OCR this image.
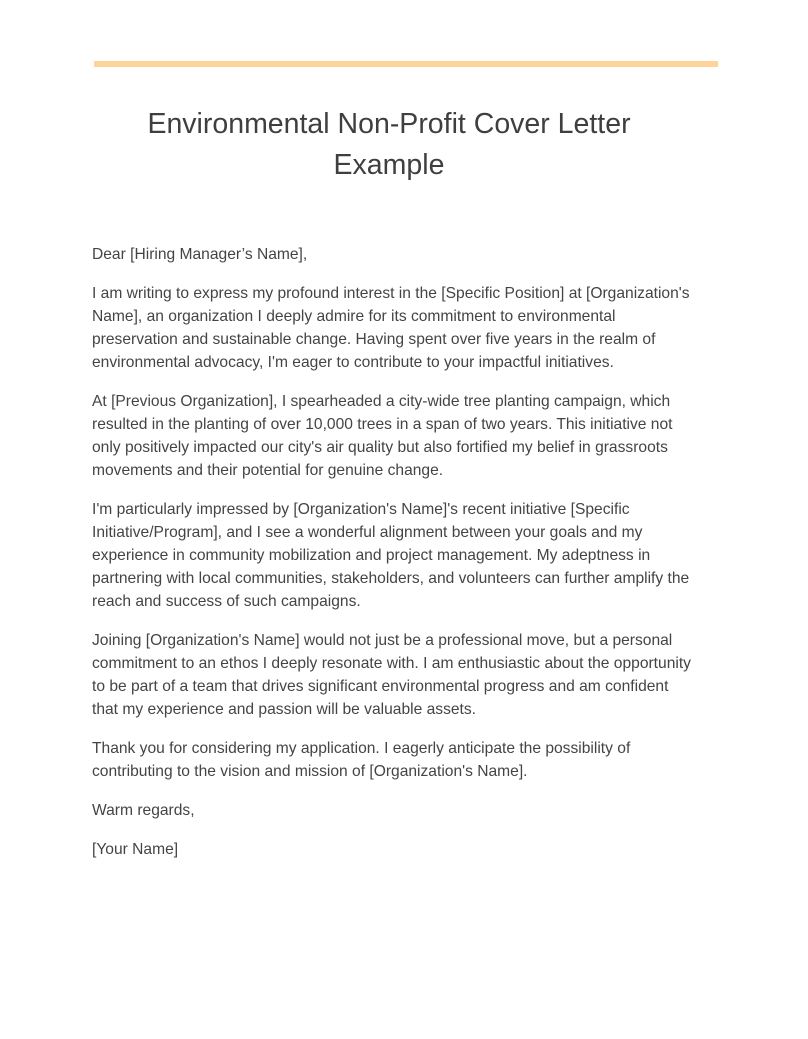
Environmental Non-Profit Cover Letter Example

Dear [Hiring Manager’s Name],

I am writing to express my profound interest in the [Specific Position] at [Organization's Name], an organization I deeply admire for its commitment to environmental preservation and sustainable change. Having spent over five years in the realm of environmental advocacy, I'm eager to contribute to your impactful initiatives.

At [Previous Organization], I spearheaded a city-wide tree planting campaign, which resulted in the planting of over 10,000 trees in a span of two years. This initiative not only positively impacted our city's air quality but also fortified my belief in grassroots movements and their potential for genuine change.

I'm particularly impressed by [Organization's Name]'s recent initiative [Specific Initiative/Program], and I see a wonderful alignment between your goals and my experience in community mobilization and project management. My adeptness in partnering with local communities, stakeholders, and volunteers can further amplify the reach and success of such campaigns.

Joining [Organization's Name] would not just be a professional move, but a personal commitment to an ethos I deeply resonate with. I am enthusiastic about the opportunity to be part of a team that drives significant environmental progress and am confident that my experience and passion will be valuable assets.

Thank you for considering my application. I eagerly anticipate the possibility of contributing to the vision and mission of [Organization's Name].

Warm regards,

[Your Name]
